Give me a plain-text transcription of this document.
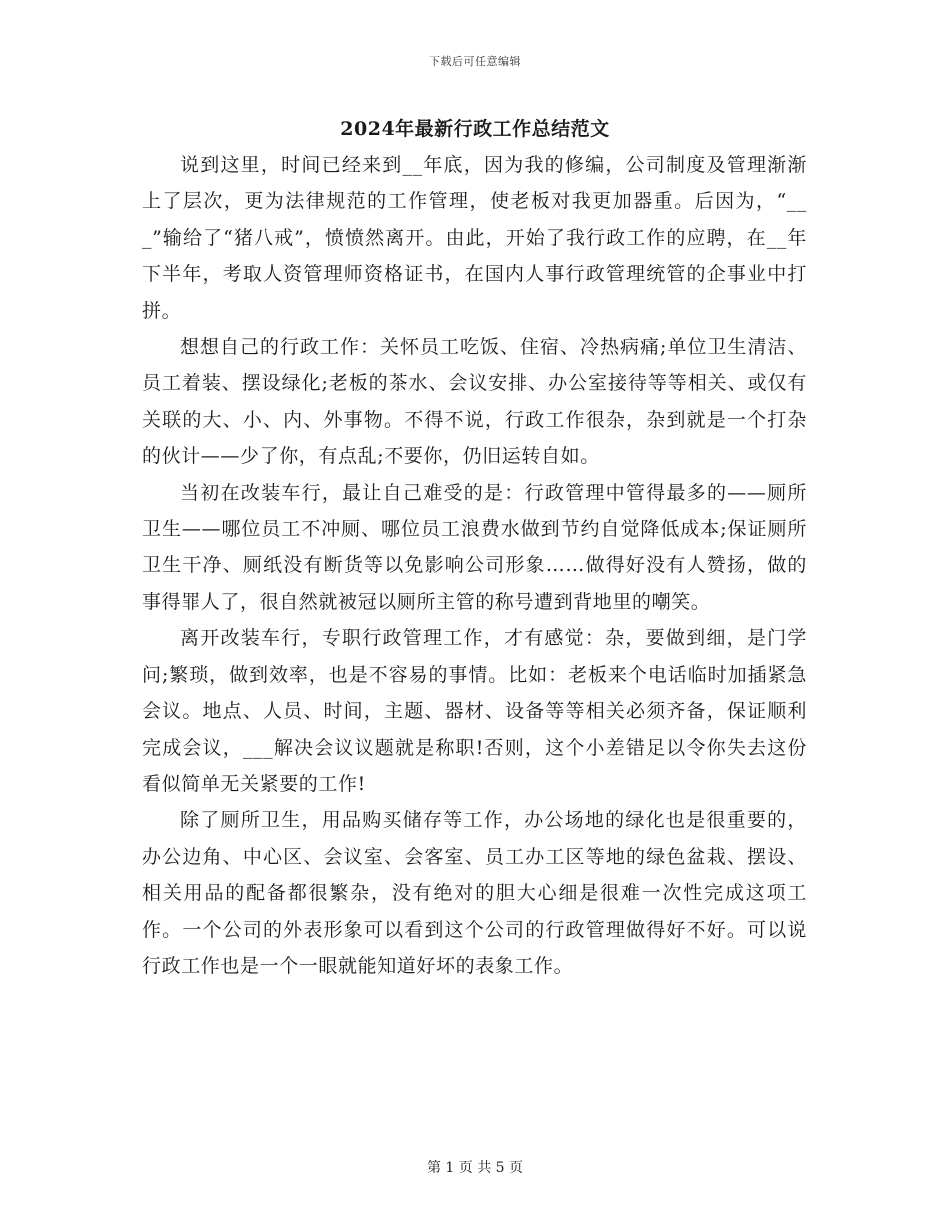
下载后可任意编辑
2024年最新行政工作总结范文

说到这里，时间已经来到__年底，因为我的修编，公司制度及管理渐渐上了层次，更为法律规范的工作管理，使老板对我更加器重。后因为，“___”输给了“猪八戒”，愤愤然离开。由此，开始了我行政工作的应聘，在__年下半年，考取人资管理师资格证书，在国内人事行政管理统管的企事业中打拼。

想想自己的行政工作：关怀员工吃饭、住宿、冷热病痛;单位卫生清洁、员工着装、摆设绿化;老板的茶水、会议安排、办公室接待等等相关、或仅有关联的大、小、内、外事物。不得不说，行政工作很杂，杂到就是一个打杂的伙计——少了你，有点乱;不要你，仍旧运转自如。

当初在改装车行，最让自己难受的是：行政管理中管得最多的——厕所卫生——哪位员工不冲厕、哪位员工浪费水做到节约自觉降低成本;保证厕所卫生干净、厕纸没有断货等以免影响公司形象……做得好没有人赞扬，做的事得罪人了，很自然就被冠以厕所主管的称号遭到背地里的嘲笑。

离开改装车行，专职行政管理工作，才有感觉：杂，要做到细，是门学问;繁琐，做到效率，也是不容易的事情。比如：老板来个电话临时加插紧急会议。地点、人员、时间，主题、器材、设备等等相关必须齐备，保证顺利完成会议，___解决会议议题就是称职!否则，这个小差错足以令你失去这份看似简单无关紧要的工作!

除了厕所卫生，用品购买储存等工作，办公场地的绿化也是很重要的，办公边角、中心区、会议室、会客室、员工办工区等地的绿色盆栽、摆设、相关用品的配备都很繁杂，没有绝对的胆大心细是很难一次性完成这项工作。一个公司的外表形象可以看到这个公司的行政管理做得好不好。可以说行政工作也是一个一眼就能知道好坏的表象工作。

第 1 页 共 5 页
